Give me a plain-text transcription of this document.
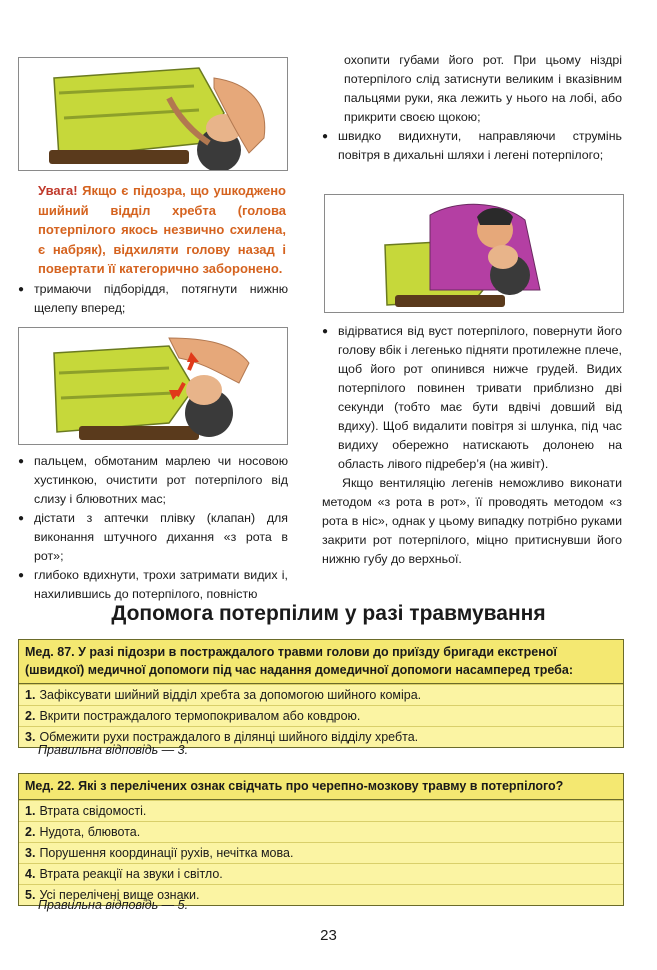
Увага! Якщо є підозра, що ушкоджено шийний відділ хребта (голова потерпілого якось незвично схилена, є набряк), відхиляти голову назад і повертати її категорично заборонено.

● тримаючи підборіддя, потягнути нижню щелепу вперед;

● пальцем, обмотаним марлею чи носовою хустинкою, очистити рот потерпілого від слизу і блювотних мас;

● дістати з аптечки плівку (клапан) для виконання штучного дихання «з рота в рот»;

● глибоко вдихнути, трохи затримати видих і, нахилившись до потерпілого, повністю

охопити губами його рот. При цьому ніздрі потерпілого слід затиснути великим і вказівним пальцями руки, яка лежить у нього на лобі, або прикрити своєю щокою;

● швидко видихнути, направляючи струмінь повітря в дихальні шляхи і легені потерпілого;

● відірватися від вуст потерпілого, повернути його голову вбік і легенько підняти протилежне плече, щоб його рот опинився нижче грудей. Видих потерпілого повинен тривати приблизно дві секунди (тобто має бути вдвічі довший від вдиху). Щоб видалити повітря зі шлунка, під час видиху обережно натискають долонею на область лівого підребер’я (на живіт).

Якщо вентиляцію легенів неможливо виконати методом «з рота в рот», її проводять методом «з рота в ніс», однак у цьому випадку потрібно руками закрити рот потерпілого, міцно притиснувши його нижню губу до верхньої.

Допомога потерпілим у разі травмування
Мед. 87. У разі підозри в постраждалого травми голови до приїзду бригади екстреної (швидкої) медичної допомоги під час надання домедичної допомоги насамперед треба:
1. Зафіксувати шийний відділ хребта за допомогою шийного коміра.
2. Вкрити постраждалого термопокривалом або ковдрою.
3. Обмежити рухи постраждалого в ділянці шийного відділу хребта.
Правильна відповідь — 3.
Мед. 22. Які з перелічених ознак свідчать про черепно-мозкову травму в потерпілого?
1. Втрата свідомості.
2. Нудота, блювота.
3. Порушення координації рухів, нечітка мова.
4. Втрата реакції на звуки і світло.
5. Усі перелічені вище ознаки.
Правильна відповідь — 5.
23
